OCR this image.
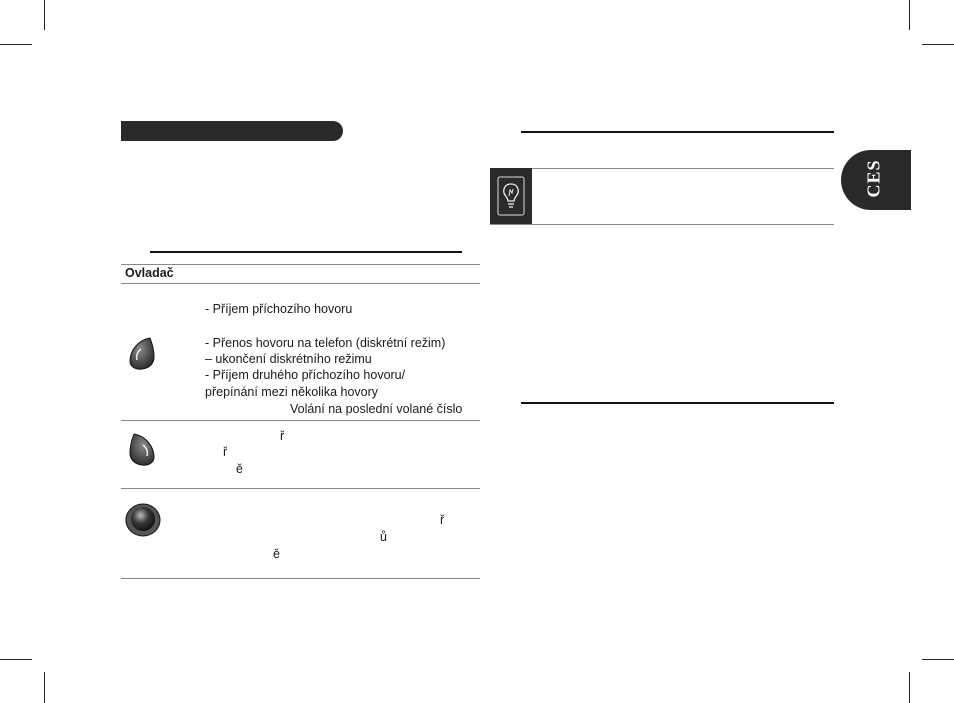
Ovladač
- Příjem příchozího hovoru
- Přenos hovoru na telefon (diskrétní režim)
– ukončení diskrétního režimu
- Příjem druhého příchozího hovoru/
přepínání mezi několika hovory
Volání na poslední volané číslo
ř
ř
ě
ř
ů
ě
CES
